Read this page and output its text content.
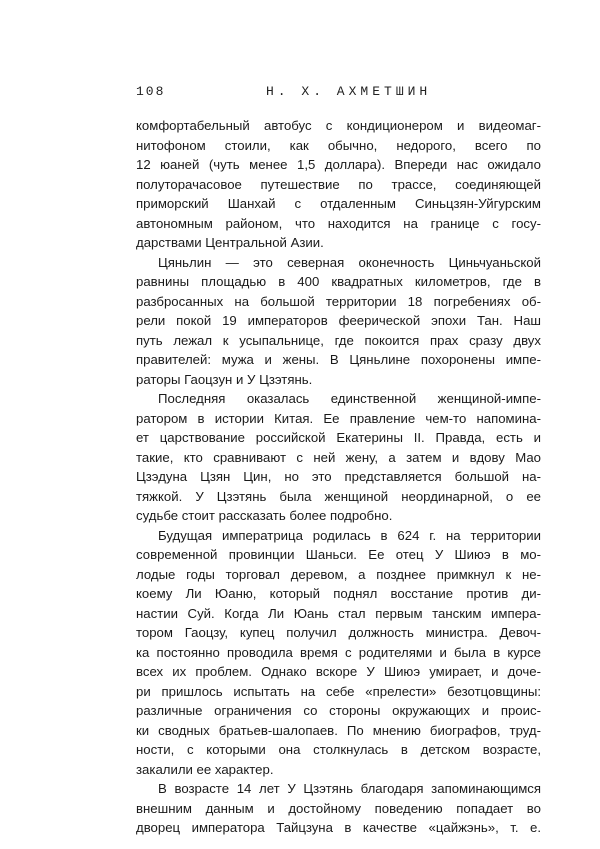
108	Н. Х. АХМЕТШИН
комфортабельный автобус с кондиционером и видеомаг-
нитофоном стоили, как обычно, недорого, всего по
12 юаней (чуть менее 1,5 доллара). Впереди нас ожидало
полуторачасовое путешествие по трассе, соединяющей
приморский Шанхай с отдаленным Синьцзян-Уйгурским
автономным районом, что находится на границе с госу-
дарствами Центральной Азии.
Цяньлин — это северная оконечность Циньчуаньской
равнины площадью в 400 квадратных километров, где в
разбросанных на большой территории 18 погребениях об-
рели покой 19 императоров феерической эпохи Тан. Наш
путь лежал к усыпальнице, где покоится прах сразу двух
правителей: мужа и жены. В Цяньлине похоронены импе-
раторы Гаоцзун и У Цзэтянь.
Последняя оказалась единственной женщиной-импе-
ратором в истории Китая. Ее правление чем-то напомина-
ет царствование российской Екатерины II. Правда, есть и
такие, кто сравнивают с ней жену, а затем и вдову Мао
Цзэдуна Цзян Цин, но это представляется большой на-
тяжкой. У Цзэтянь была женщиной неординарной, о ее
судьбе стоит рассказать более подробно.
Будущая императрица родилась в 624 г. на территории
современной провинции Шаньси. Ее отец У Шиюэ в мо-
лодые годы торговал деревом, а позднее примкнул к не-
коему Ли Юаню, который поднял восстание против ди-
настии Суй. Когда Ли Юань стал первым танским импера-
тором Гаоцзу, купец получил должность министра. Девоч-
ка постоянно проводила время с родителями и была в курсе
всех их проблем. Однако вскоре У Шиюэ умирает, и доче-
ри пришлось испытать на себе «прелести» безотцовщины:
различные ограничения со стороны окружающих и проис-
ки сводных братьев-шалопаев. По мнению биографов, труд-
ности, с которыми она столкнулась в детском возрасте,
закалили ее характер.
В возрасте 14 лет У Цзэтянь благодаря запоминающимся
внешним данным и достойному поведению попадает во
дворец императора Тайцзуна в качестве «цайжэнь», т. е.
